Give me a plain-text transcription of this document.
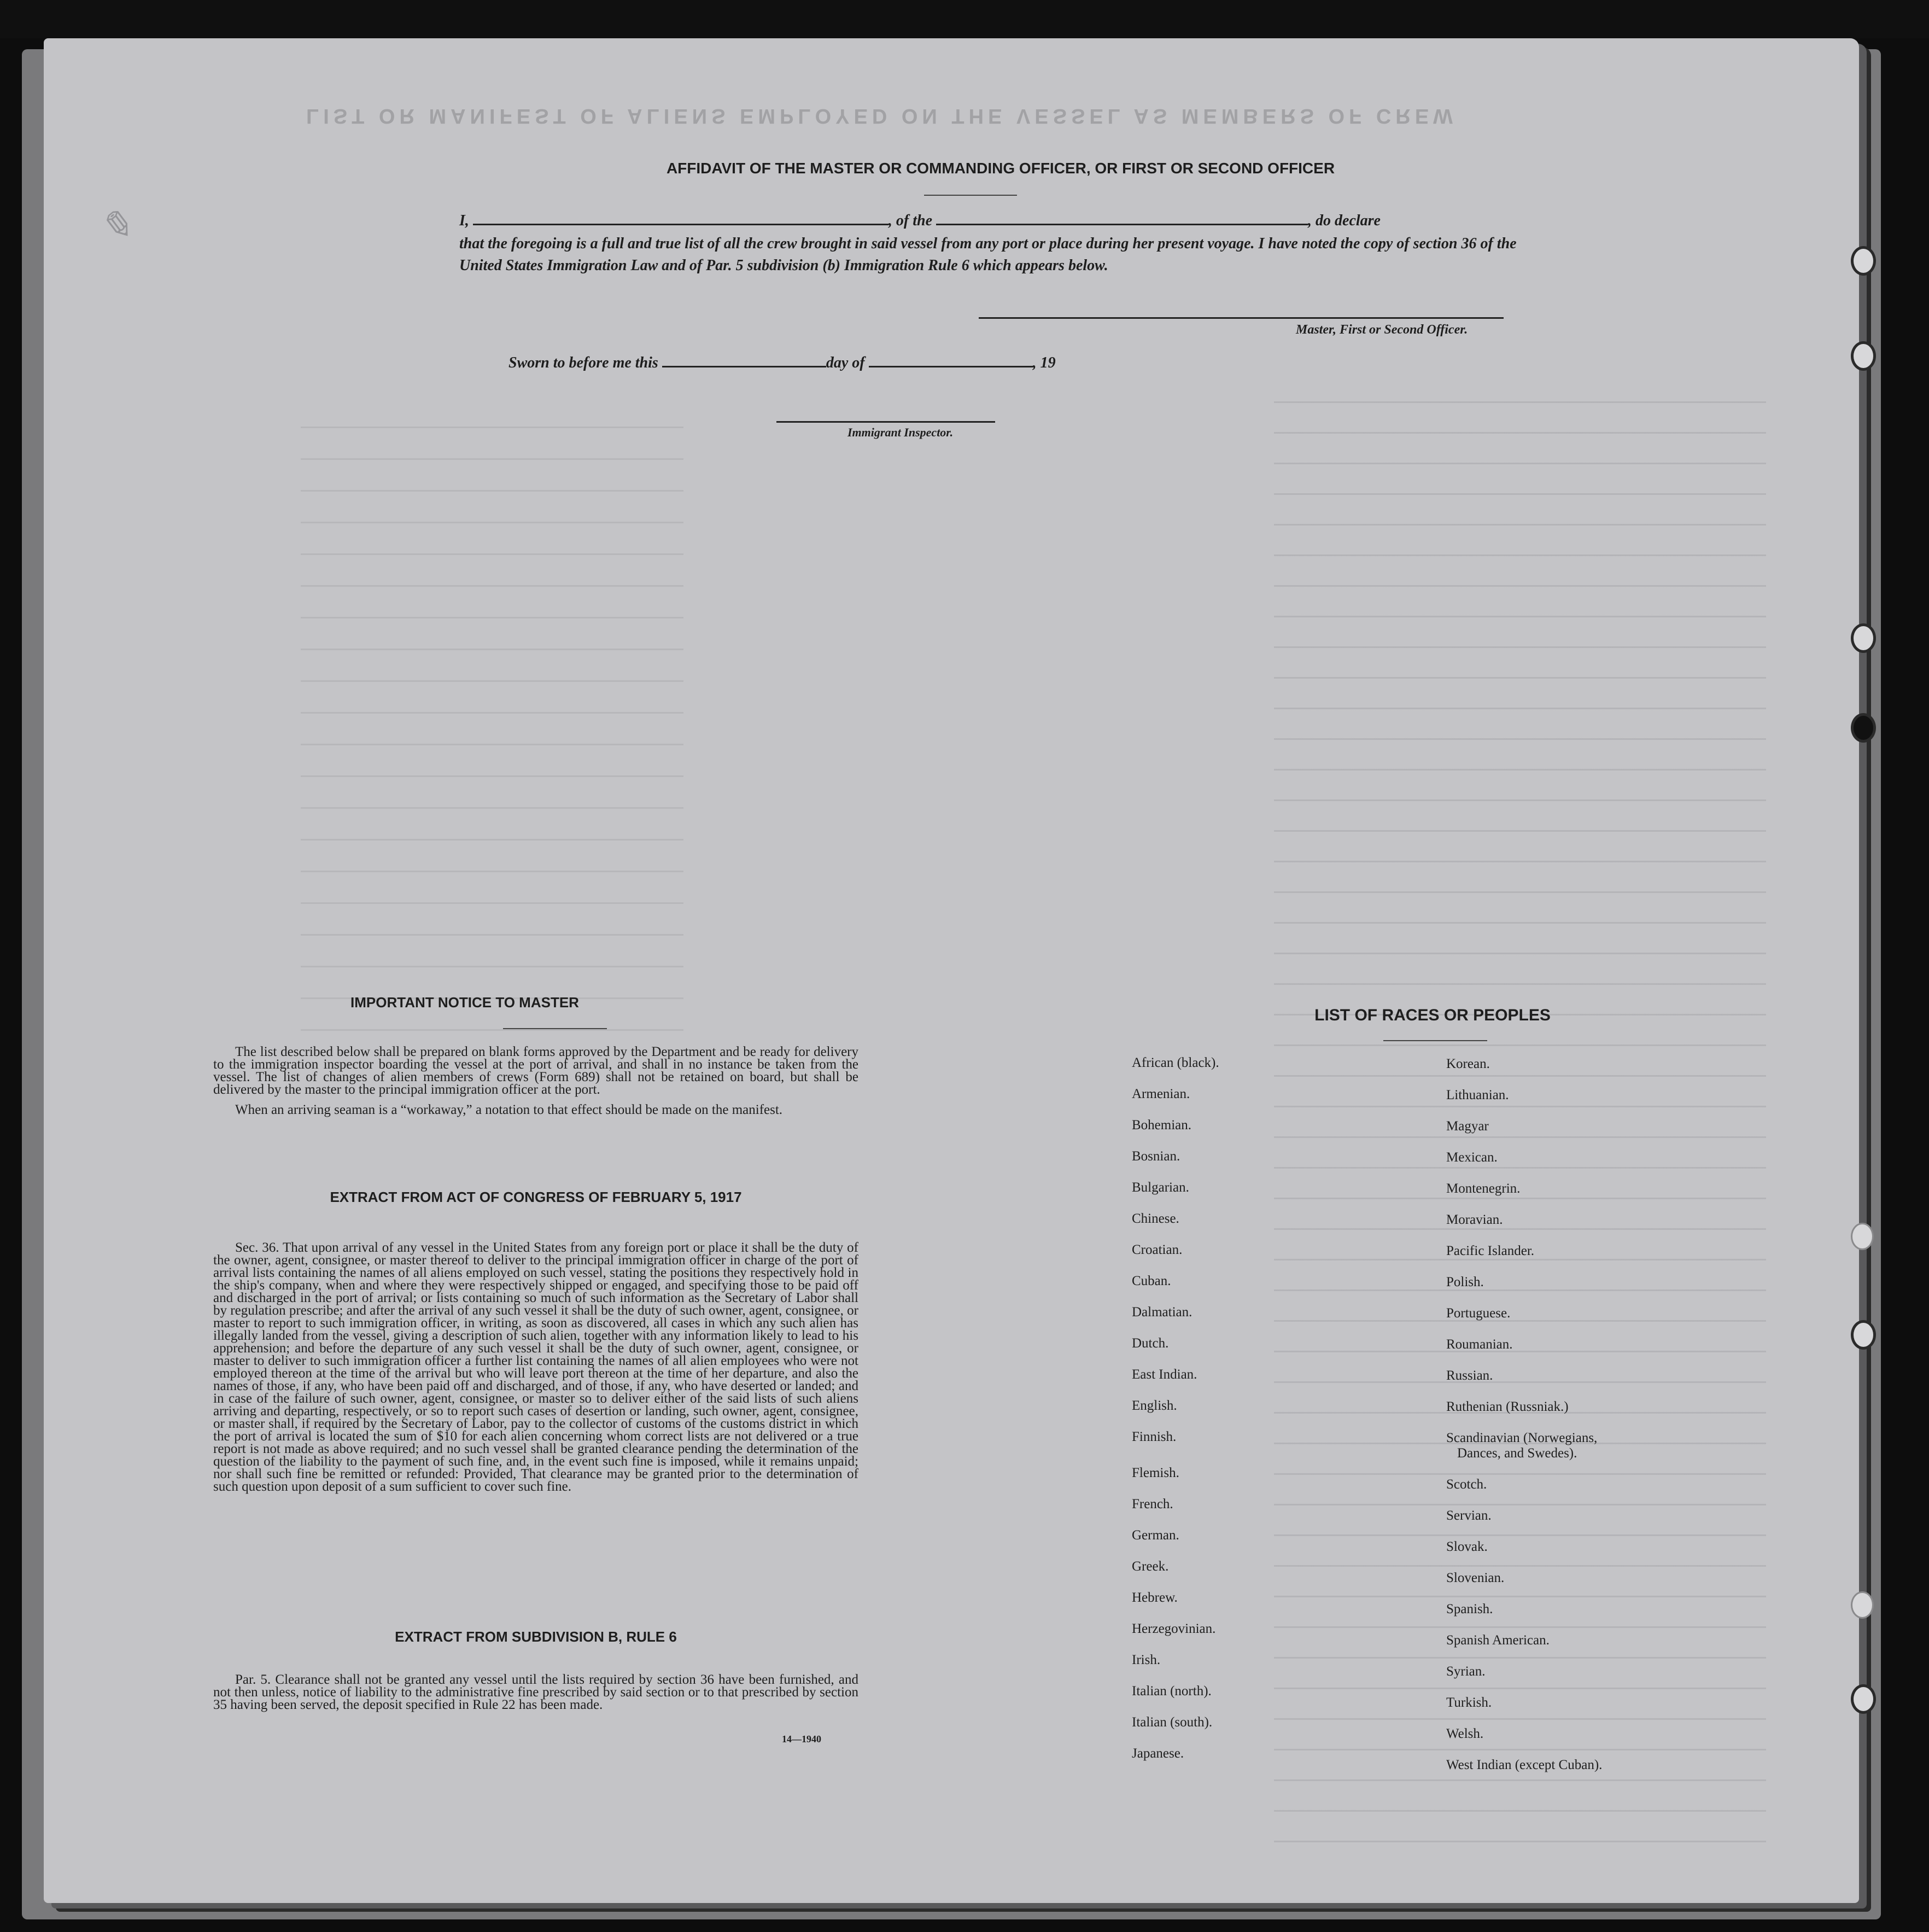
LIST OR MANIFEST OF ALIENS EMPLOYED ON THE VESSEL AS MEMBERS OF CREW
✎
AFFIDAVIT OF THE MASTER OR COMMANDING OFFICER, OR FIRST OR SECOND OFFICER
I,	, of the	, do declare
that the foregoing is a full and true list of all the crew brought in said vessel from any port or place during her present voyage. I have noted the copy of section 36 of the United States Immigration Law and of Par. 5 subdivision (b) Immigration Rule 6 which appears below.
Master, First or Second Officer.
Sworn to before me this	day of	, 19
Immigrant Inspector.
IMPORTANT NOTICE TO MASTER

The list described below shall be prepared on blank forms approved by the Department and be ready for delivery to the immigration inspector boarding the vessel at the port of arrival, and shall in no instance be taken from the vessel. The list of changes of alien members of crews (Form 689) shall not be retained on board, but shall be delivered by the master to the principal immigration officer at the port.

When an arriving seaman is a “workaway,” a notation to that effect should be made on the manifest.

EXTRACT FROM ACT OF CONGRESS OF FEBRUARY 5, 1917

Sec. 36. That upon arrival of any vessel in the United States from any foreign port or place it shall be the duty of the owner, agent, consignee, or master thereof to deliver to the principal immigration officer in charge of the port of arrival lists containing the names of all aliens employed on such vessel, stating the positions they respectively hold in the ship's company, when and where they were respectively shipped or engaged, and specifying those to be paid off and discharged in the port of arrival; or lists containing so much of such information as the Secretary of Labor shall by regulation prescribe; and after the arrival of any such vessel it shall be the duty of such owner, agent, consignee, or master to report to such immigration officer, in writing, as soon as discovered, all cases in which any such alien has illegally landed from the vessel, giving a description of such alien, together with any information likely to lead to his apprehension; and before the departure of any such vessel it shall be the duty of such owner, agent, consignee, or master to deliver to such immigration officer a further list containing the names of all alien employees who were not employed thereon at the time of the arrival but who will leave port thereon at the time of her departure, and also the names of those, if any, who have been paid off and discharged, and of those, if any, who have deserted or landed; and in case of the failure of such owner, agent, consignee, or master so to deliver either of the said lists of such aliens arriving and departing, respectively, or so to report such cases of desertion or landing, such owner, agent, consignee, or master shall, if required by the Secretary of Labor, pay to the collector of customs of the customs district in which the port of arrival is located the sum of $10 for each alien concerning whom correct lists are not delivered or a true report is not made as above required; and no such vessel shall be granted clearance pending the determination of the question of the liability to the payment of such fine, and, in the event such fine is imposed, while it remains unpaid; nor shall such fine be remitted or refunded: Provided, That clearance may be granted prior to the determination of such question upon deposit of a sum sufficient to cover such fine.

EXTRACT FROM SUBDIVISION B, RULE 6

Par. 5. Clearance shall not be granted any vessel until the lists required by section 36 have been furnished, and not then unless, notice of liability to the administrative fine prescribed by said section or to that prescribed by section 35 having been served, the deposit specified in Rule 22 has been made.

14—1940
LIST OF RACES OR PEOPLES
African (black).
Armenian.
Bohemian.
Bosnian.
Bulgarian.
Chinese.
Croatian.
Cuban.
Dalmatian.
Dutch.
East Indian.
English.
Finnish.
Flemish.
French.
German.
Greek.
Hebrew.
Herzegovinian.
Irish.
Italian (north).
Italian (south).
Japanese.
Korean.
Lithuanian.
Magyar
Mexican.
Montenegrin.
Moravian.
Pacific Islander.
Polish.
Portuguese.
Roumanian.
Russian.
Ruthenian (Russniak.)
Scandinavian (Norwegians,
Dances, and Swedes).
Scotch.
Servian.
Slovak.
Slovenian.
Spanish.
Spanish American.
Syrian.
Turkish.
Welsh.
West Indian (except Cuban).
